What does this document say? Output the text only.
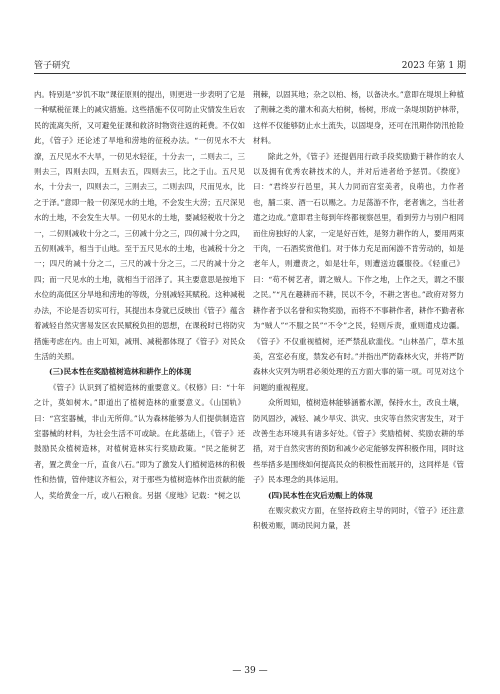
管子研究	2023 年第 1 期

内。特别是“岁饥不取”课征原则的提出，则更进一步表明了它是一种赋税征课上的减灾措施。这些措施不仅可防止灾情发生后农民的流离失所，又可避免征课和救济时物资往返的耗费。不仅如此，《管子》还论述了旱地和涝地的征税办法。“一仞见水不大潦，五尺见水不大旱，一仞见水轻征，十分去一，二则去二，三则去三，四则去四，五则去五，四则去三，比之于山。五尺见水，十分去一，四则去二，三则去三，二则去四，尺而见水，比之于泽。”意即一般一仞深见水的土地，不会发生大涝；五尺深见水的土地，不会发生大旱。一仞见水的土地，要减轻税收十分之一，二仞则减收十分之二，三仞减十分之三，四仞减十分之四，五仞则减半，相当于山地。至于五尺见水的土地，也减税十分之一；四尺的减十分之二，三尺的减十分之三，二尺的减十分之四；而一尺见水的土地，就相当于沼泽了。其主要意思是按地下水位的高低区分旱地和涝地的等级，分别减轻其赋税。这种减税办法，不论是否切实可行，其提出本身就已反映出《管子》蕴含着减轻自然灾害易发区农民赋税负担的思想，在课税时已将防灾措施考虑在内。由上可知，减刑、减税都体现了《管子》对民众生活的关照。

(三)民本性在奖励植树造林和耕作上的体现

《管子》认识到了植树造林的重要意义。《权修》曰：“十年之计，莫如树木。”即道出了植树造林的重要意义。《山国轨》曰：“宫室器械，非山无所仰。”认为森林能够为人们提供制造宫室器械的材料，为社会生活不可或缺。在此基础上，《管子》还鼓励民众植树造林，对植树造林实行奖励政策。“民之能树艺者，置之黄金一斤，直食八石。”即为了激发人们植树造林的积极性和热情，管仲建议齐桓公，对于那些为植树造林作出贡献的能人，奖给黄金一斤，或八石粮食。另据《度地》记载：“树之以

荆棘，以固其地；杂之以柏、杨，以备决水。”意即在堤坝上种植了荆棘之类的灌木和高大柏树，杨树，形成一条堤坝防护林带，这样不仅能够防止水土流失，以固堤身，还可在汛期作防汛抢险材料。

除此之外，《管子》还提倡用行政手段奖励勤于耕作的农人以及拥有优秀农耕技术的人，并对后进者给予惩罚。《揆度》曰：“君终岁行邑里，其人力同而宫室美者，良萌也，力作者也，脯二束、酒一石以赐之。力足荡游不作，老者谯之，当壮者遣之边成。”意即君主每到年终都视察邑里，看到劳力与别户相同而住房独好的人家，一定是好百姓，是努力耕作的人，要用两束干肉，一石酒奖赏他们。对于体力充足而闲游不肯劳动的，如是老年人，则遭责之，如是壮年，则遭送边疆服役。《轻重己》曰：“苟不树艺者，谓之贼人。下作之地，上作之天，谓之不服之民。”“凡在趣耕而不耕，民以不令，不耕之害也。”政府对努力耕作者予以名誉和实物奖励，而将不不事耕作者，耕作不勤者称为“贼人”“不服之民”“不令”之民，轻则斥责，重则遣戍边疆。《管子》不仅重视植树，还严禁乱砍滥伐。“山林虽广，草木虽美，宫室必有度，禁发必有时。”并指出严防森林火灾，并将严防森林火灾列为明君必须处理的五方面大事的第一项。可见对这个问题的重视程度。

众所周知，植树造林能够涵蓄水源，保持水土，改良土壤，防风固沙，减轻、减少旱灾、洪灾、虫灾等自然灾害发生，对于改善生态环境具有诸多好处。《管子》奖励植树、奖励农耕的举措，对于自然灾害的预防和减少必定能够发挥积极作用，同时这些举措多是围绕如何提高民众的积极性而展开的，这同样是《管子》民本理念的具体运用。

(四)民本性在灾后劝赈上的体现

在赈灾救灾方面，在坚持政府主导的同时，《管子》还注意积极劝赈，调动民间力量，甚

— 39 —
